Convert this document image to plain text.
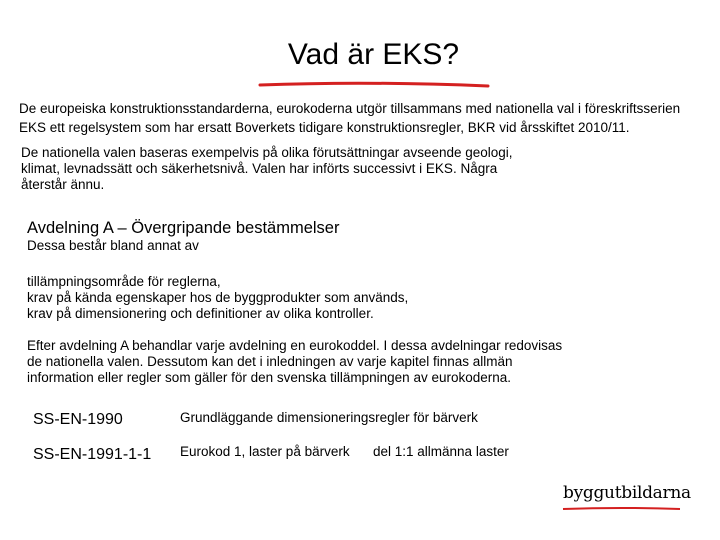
Vad är EKS?
De europeiska konstruktionsstandarderna, eurokoderna utgör tillsammans med nationella val i föreskriftsserien
EKS ett regelsystem som har ersatt Boverkets tidigare konstruktionsregler, BKR vid årsskiftet 2010/11.
De nationella valen baseras exempelvis på olika förutsättningar avseende geologi,
klimat, levnadssätt och säkerhetsnivå. Valen har införts successivt i EKS. Några
återstår ännu.
Avdelning A – Övergripande bestämmelser
Dessa består bland annat av
tillämpningsområde för reglerna,
krav på kända egenskaper hos de byggprodukter som används,
krav på dimensionering och definitioner av olika kontroller.
Efter avdelning A behandlar varje avdelning en eurokoddel. I dessa avdelningar redovisas
de nationella valen. Dessutom kan det i inledningen av varje kapitel finnas allmän
information eller regler som gäller för den svenska tillämpningen av eurokoderna.
SS-EN-1990	Grundläggande dimensioneringsregler för bärverk
SS-EN-1991-1-1 Eurokod 1, laster på bärverk del 1:1 allmänna laster
byggutbildarna
